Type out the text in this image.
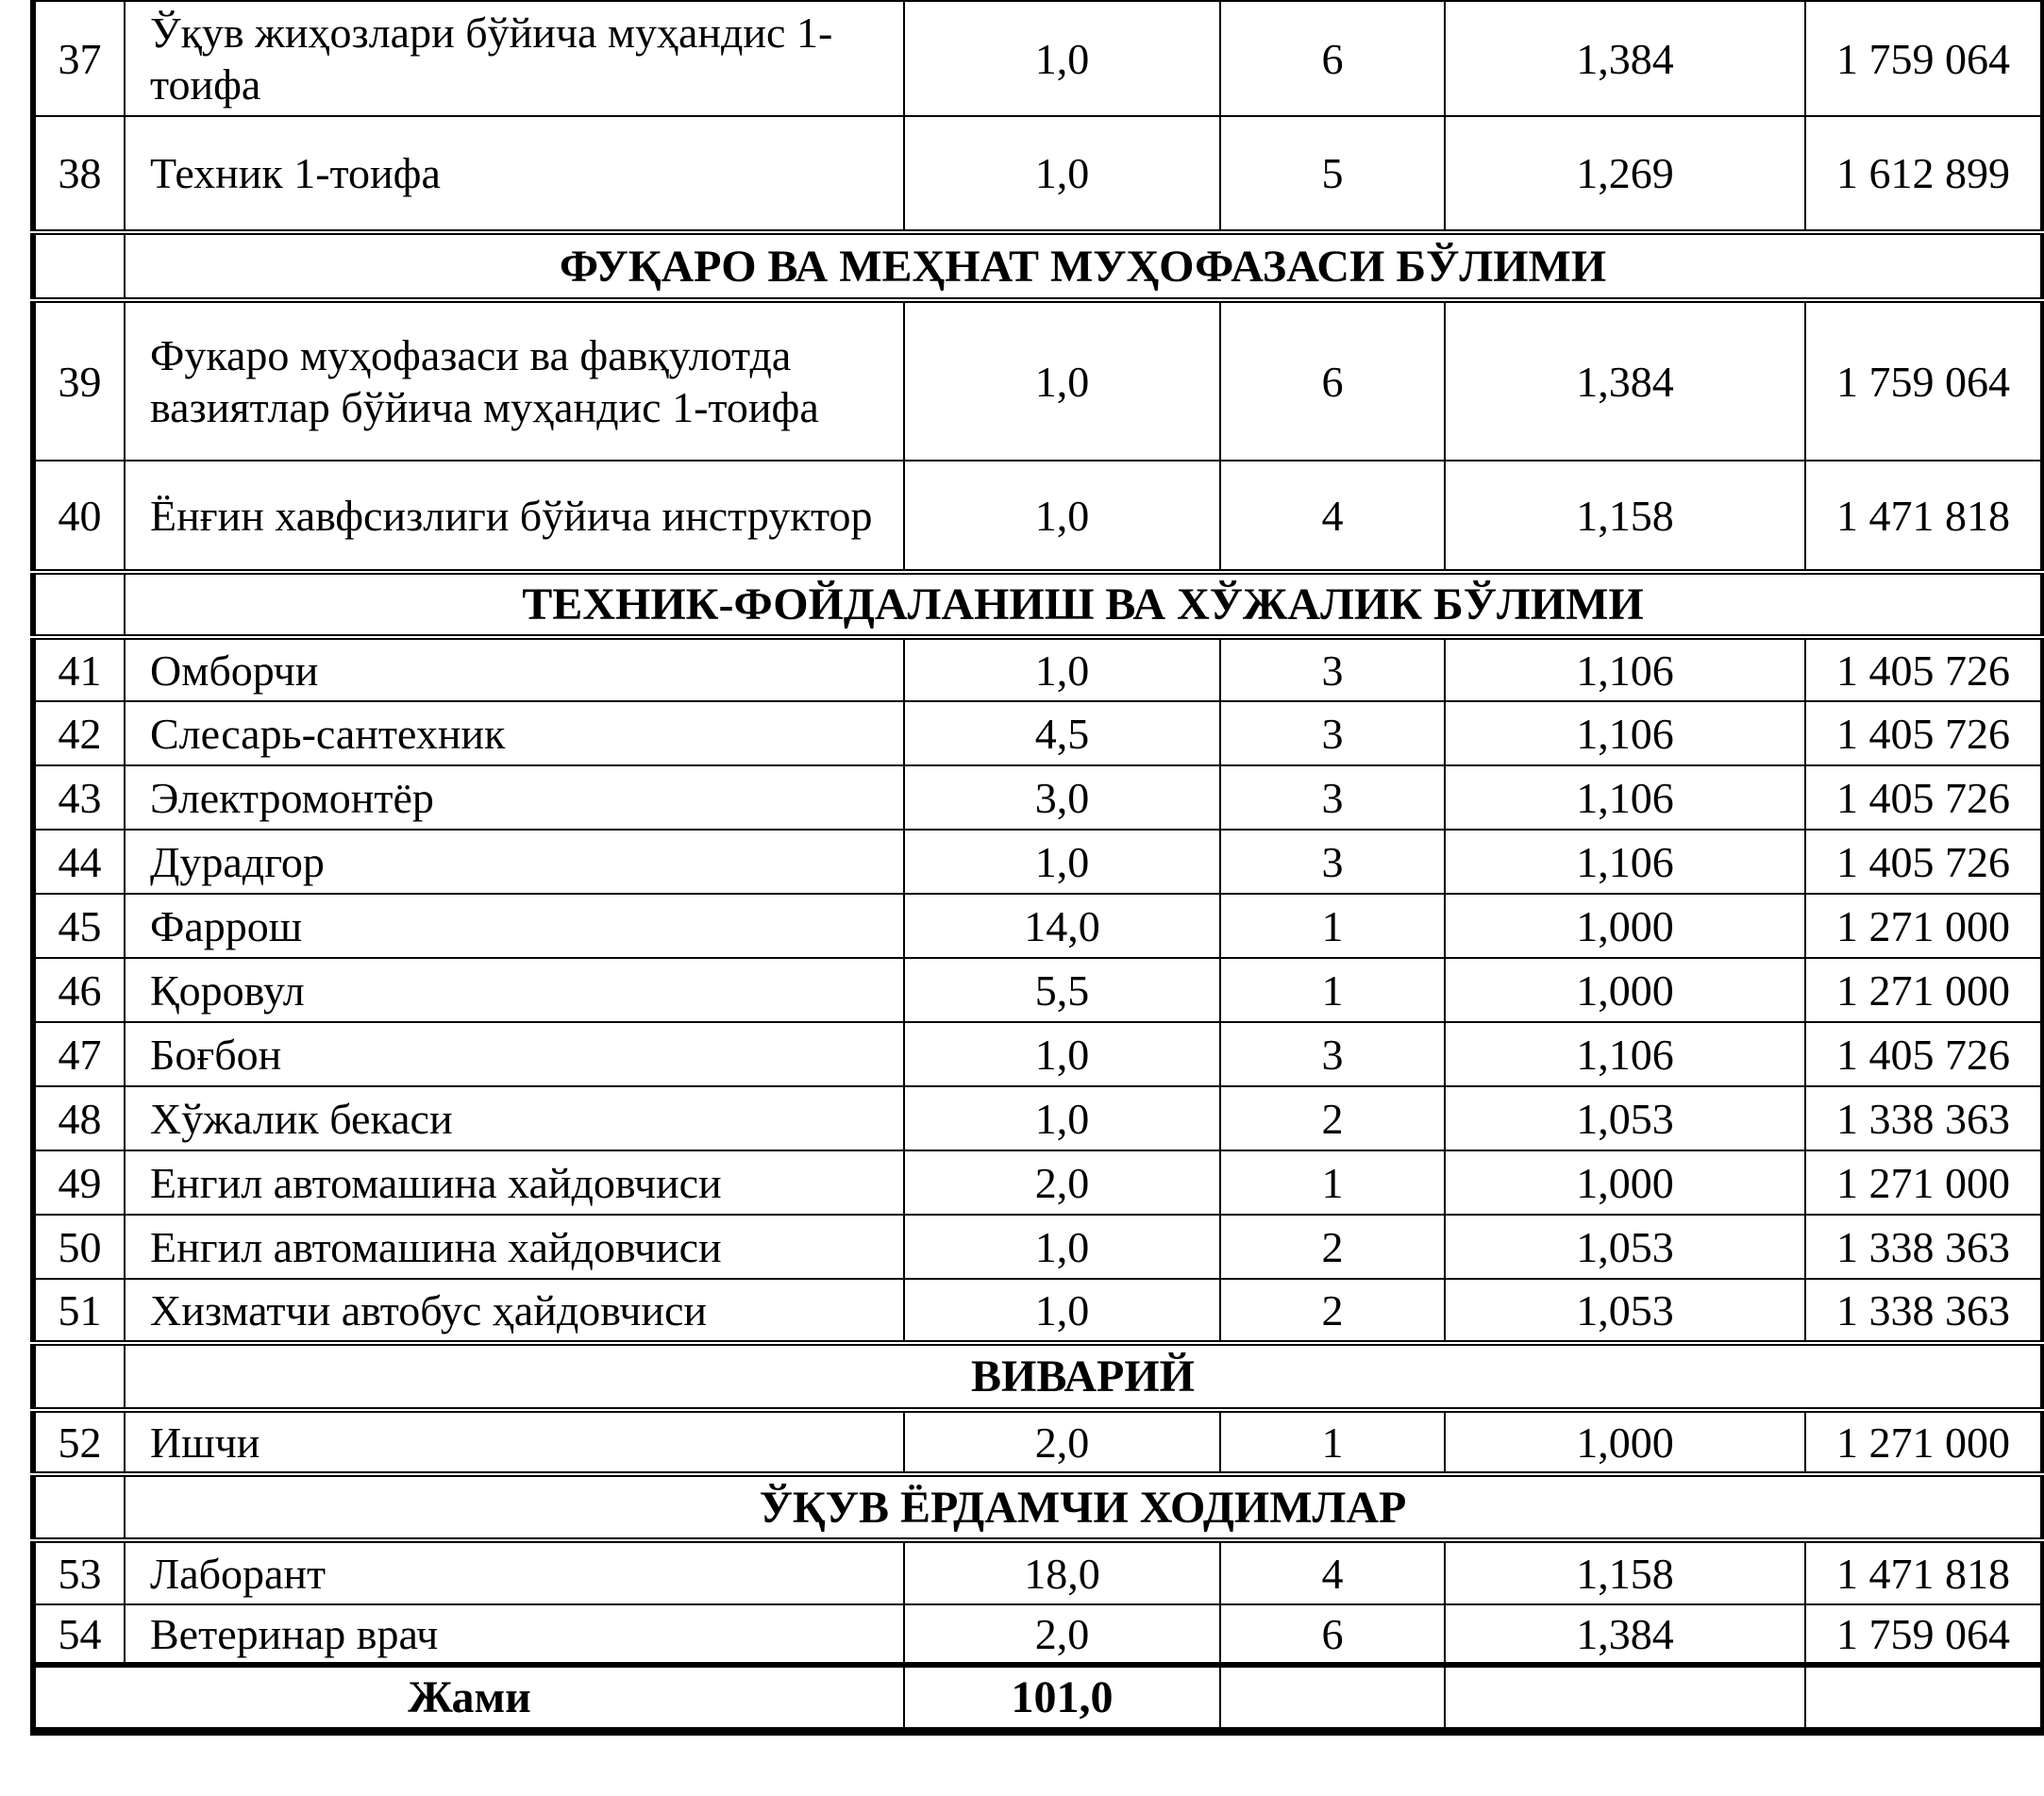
37	Ўқув жиҳозлари бўйича муҳандис 1-тоифа	1,0	6	1,384	1 759 064
38	Техник 1-тоифа	1,0	5	1,269	1 612 899
	ФУҚАРО ВА МЕҲНАТ МУҲОФАЗАСИ БЎЛИМИ				
39	Фукаро муҳофазаси ва фавқулотда вазиятлар бўйича муҳандис 1-тоифа	1,0	6	1,384	1 759 064
40	Ёнғин хавфсизлиги бўйича инструктор	1,0	4	1,158	1 471 818
	ТЕХНИК-ФОЙДАЛАНИШ ВА ХЎЖАЛИК БЎЛИМИ				
41	Омборчи	1,0	3	1,106	1 405 726
42	Слесарь-сантехник	4,5	3	1,106	1 405 726
43	Электромонтёр	3,0	3	1,106	1 405 726
44	Дурадгор	1,0	3	1,106	1 405 726
45	Фаррош	14,0	1	1,000	1 271 000
46	Қоровул	5,5	1	1,000	1 271 000
47	Боғбон	1,0	3	1,106	1 405 726
48	Хўжалик бекаси	1,0	2	1,053	1 338 363
49	Енгил автомашина хайдовчиси	2,0	1	1,000	1 271 000
50	Енгил автомашина хайдовчиси	1,0	2	1,053	1 338 363
51	Хизматчи автобус ҳайдовчиси	1,0	2	1,053	1 338 363
	ВИВАРИЙ				
52	Ишчи	2,0	1	1,000	1 271 000
	ЎҚУВ ЁРДАМЧИ ХОДИМЛАР				
53	Лаборант	18,0	4	1,158	1 471 818
54	Ветеринар врач	2,0	6	1,384	1 759 064
Жами		101,0			
